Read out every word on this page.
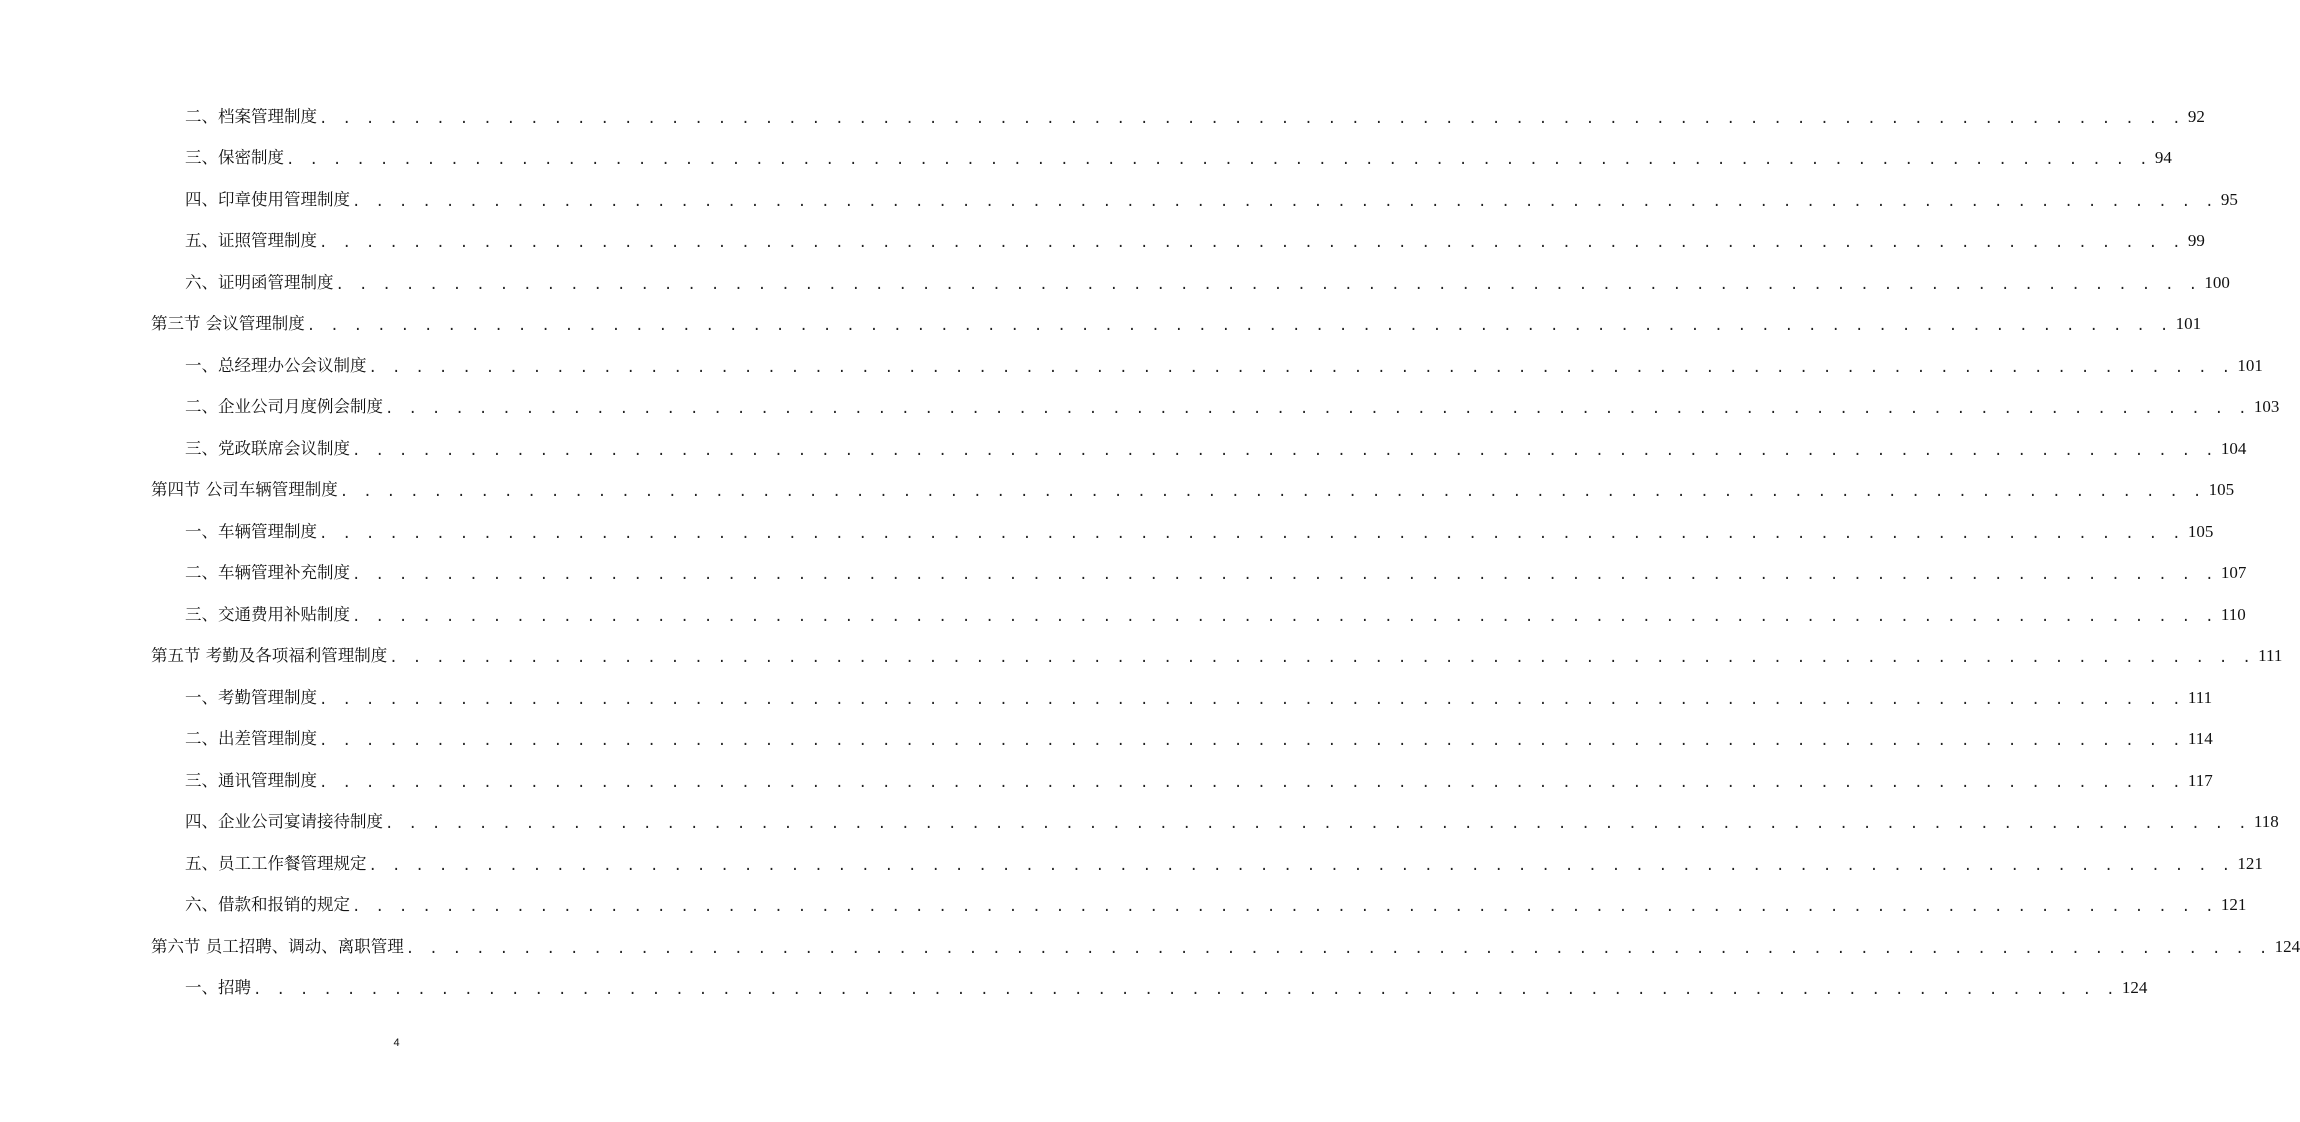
二、档案管理制度 . . . . . . . . . . . . . . . . . . . . . . . . . . . . . . . . . . . . . . . . . . . . . . . . . . . . . . . . . . . . . . . . . . . . . . . . . . . . . . . . 92
三、保密制度 . . . . . . . . . . . . . . . . . . . . . . . . . . . . . . . . . . . . . . . . . . . . . . . . . . . . . . . . . . . . . . . . . . . . . . . . . . . . . . . . 94
四、印章使用管理制度 . . . . . . . . . . . . . . . . . . . . . . . . . . . . . . . . . . . . . . . . . . . . . . . . . . . . . . . . . . . . . . . . . . . . . . . . . . . . . . . . 95
五、证照管理制度 . . . . . . . . . . . . . . . . . . . . . . . . . . . . . . . . . . . . . . . . . . . . . . . . . . . . . . . . . . . . . . . . . . . . . . . . . . . . . . . . 99
六、证明函管理制度 . . . . . . . . . . . . . . . . . . . . . . . . . . . . . . . . . . . . . . . . . . . . . . . . . . . . . . . . . . . . . . . . . . . . . . . . . . . . . . . . 100
第三节 会议管理制度 . . . . . . . . . . . . . . . . . . . . . . . . . . . . . . . . . . . . . . . . . . . . . . . . . . . . . . . . . . . . . . . . . . . . . . . . . . . . . . . . 101
一、总经理办公会议制度 . . . . . . . . . . . . . . . . . . . . . . . . . . . . . . . . . . . . . . . . . . . . . . . . . . . . . . . . . . . . . . . . . . . . . . . . . . . . . . . . 101
二、企业公司月度例会制度 . . . . . . . . . . . . . . . . . . . . . . . . . . . . . . . . . . . . . . . . . . . . . . . . . . . . . . . . . . . . . . . . . . . . . . . . . . . . . . . . 103
三、党政联席会议制度 . . . . . . . . . . . . . . . . . . . . . . . . . . . . . . . . . . . . . . . . . . . . . . . . . . . . . . . . . . . . . . . . . . . . . . . . . . . . . . . . 104
第四节 公司车辆管理制度 . . . . . . . . . . . . . . . . . . . . . . . . . . . . . . . . . . . . . . . . . . . . . . . . . . . . . . . . . . . . . . . . . . . . . . . . . . . . . . . . 105
一、车辆管理制度 . . . . . . . . . . . . . . . . . . . . . . . . . . . . . . . . . . . . . . . . . . . . . . . . . . . . . . . . . . . . . . . . . . . . . . . . . . . . . . . . 105
二、车辆管理补充制度 . . . . . . . . . . . . . . . . . . . . . . . . . . . . . . . . . . . . . . . . . . . . . . . . . . . . . . . . . . . . . . . . . . . . . . . . . . . . . . . . 107
三、交通费用补贴制度 . . . . . . . . . . . . . . . . . . . . . . . . . . . . . . . . . . . . . . . . . . . . . . . . . . . . . . . . . . . . . . . . . . . . . . . . . . . . . . . . 110
第五节 考勤及各项福利管理制度 . . . . . . . . . . . . . . . . . . . . . . . . . . . . . . . . . . . . . . . . . . . . . . . . . . . . . . . . . . . . . . . . . . . . . . . . . . . . . . . . 111
一、考勤管理制度 . . . . . . . . . . . . . . . . . . . . . . . . . . . . . . . . . . . . . . . . . . . . . . . . . . . . . . . . . . . . . . . . . . . . . . . . . . . . . . . . 111
二、出差管理制度 . . . . . . . . . . . . . . . . . . . . . . . . . . . . . . . . . . . . . . . . . . . . . . . . . . . . . . . . . . . . . . . . . . . . . . . . . . . . . . . . 114
三、通讯管理制度 . . . . . . . . . . . . . . . . . . . . . . . . . . . . . . . . . . . . . . . . . . . . . . . . . . . . . . . . . . . . . . . . . . . . . . . . . . . . . . . . 117
四、企业公司宴请接待制度 . . . . . . . . . . . . . . . . . . . . . . . . . . . . . . . . . . . . . . . . . . . . . . . . . . . . . . . . . . . . . . . . . . . . . . . . . . . . . . . . 118
五、员工工作餐管理规定 . . . . . . . . . . . . . . . . . . . . . . . . . . . . . . . . . . . . . . . . . . . . . . . . . . . . . . . . . . . . . . . . . . . . . . . . . . . . . . . . 121
六、借款和报销的规定 . . . . . . . . . . . . . . . . . . . . . . . . . . . . . . . . . . . . . . . . . . . . . . . . . . . . . . . . . . . . . . . . . . . . . . . . . . . . . . . . 121
第六节 员工招聘、调动、离职管理 . . . . . . . . . . . . . . . . . . . . . . . . . . . . . . . . . . . . . . . . . . . . . . . . . . . . . . . . . . . . . . . . . . . . . . . . . . . . . . . . 124
一、招聘 . . . . . . . . . . . . . . . . . . . . . . . . . . . . . . . . . . . . . . . . . . . . . . . . . . . . . . . . . . . . . . . . . . . . . . . . . . . . . . . . 124
4
